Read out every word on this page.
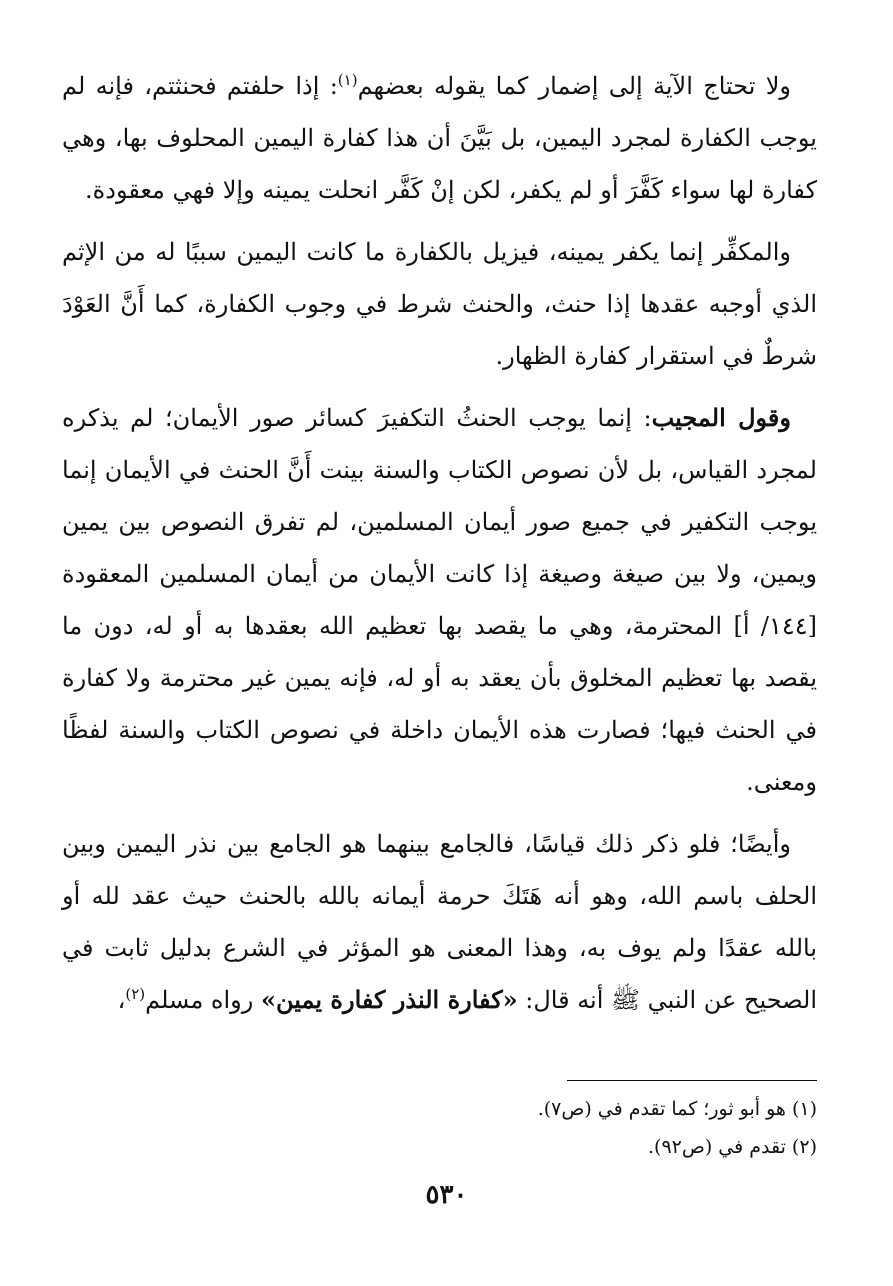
ولا تحتاج الآية إلى إضمار كما يقوله بعضهم$^{(١)}$: إذا حلفتم فحنثتم، فإنه لم يوجب الكفارة لمجرد اليمين، بل بَيَّنَ أن هذا كفارة اليمين المحلوف بها، وهي كفارة لها سواء كَفَّرَ أو لم يكفر، لكن إنْ كَفَّر انحلت يمينه وإلا فهي معقودة.

والمكفِّر إنما يكفر يمينه، فيزيل بالكفارة ما كانت اليمين سببًا له من الإثم الذي أوجبه عقدها إذا حنث، والحنث شرط في وجوب الكفارة، كما أَنَّ العَوْدَ شرطٌ في استقرار كفارة الظهار.

وقول المجيب: إنما يوجب الحنثُ التكفيرَ كسائر صور الأيمان؛ لم يذكره لمجرد القياس، بل لأن نصوص الكتاب والسنة بينت أَنَّ الحنث في الأيمان إنما يوجب التكفير في جميع صور أيمان المسلمين، لم تفرق النصوص بين يمين ويمين، ولا بين صيغة وصيغة إذا كانت الأيمان من أيمان المسلمين المعقودة [١٤٤/ أ] المحترمة، وهي ما يقصد بها تعظيم الله بعقدها به أو له، دون ما يقصد بها تعظيم المخلوق بأن يعقد به أو له، فإنه يمين غير محترمة ولا كفارة في الحنث فيها؛ فصارت هذه الأيمان داخلة في نصوص الكتاب والسنة لفظًا ومعنى.

وأيضًا؛ فلو ذكر ذلك قياسًا، فالجامع بينهما هو الجامع بين نذر اليمين وبين الحلف باسم الله، وهو أنه هَتَكَ حرمة أيمانه بالله بالحنث حيث عقد لله أو بالله عقدًا ولم يوف به، وهذا المعنى هو المؤثر في الشرع بدليل ثابت في الصحيح عن النبي ﷺ أنه قال: «كفارة النذر كفارة يمين» رواه مسلم$^{(٢)}$،

(١) هو أبو ثور؛ كما تقدم في (ص٧).

(٢) تقدم في (ص٩٢).

٥٣٠
